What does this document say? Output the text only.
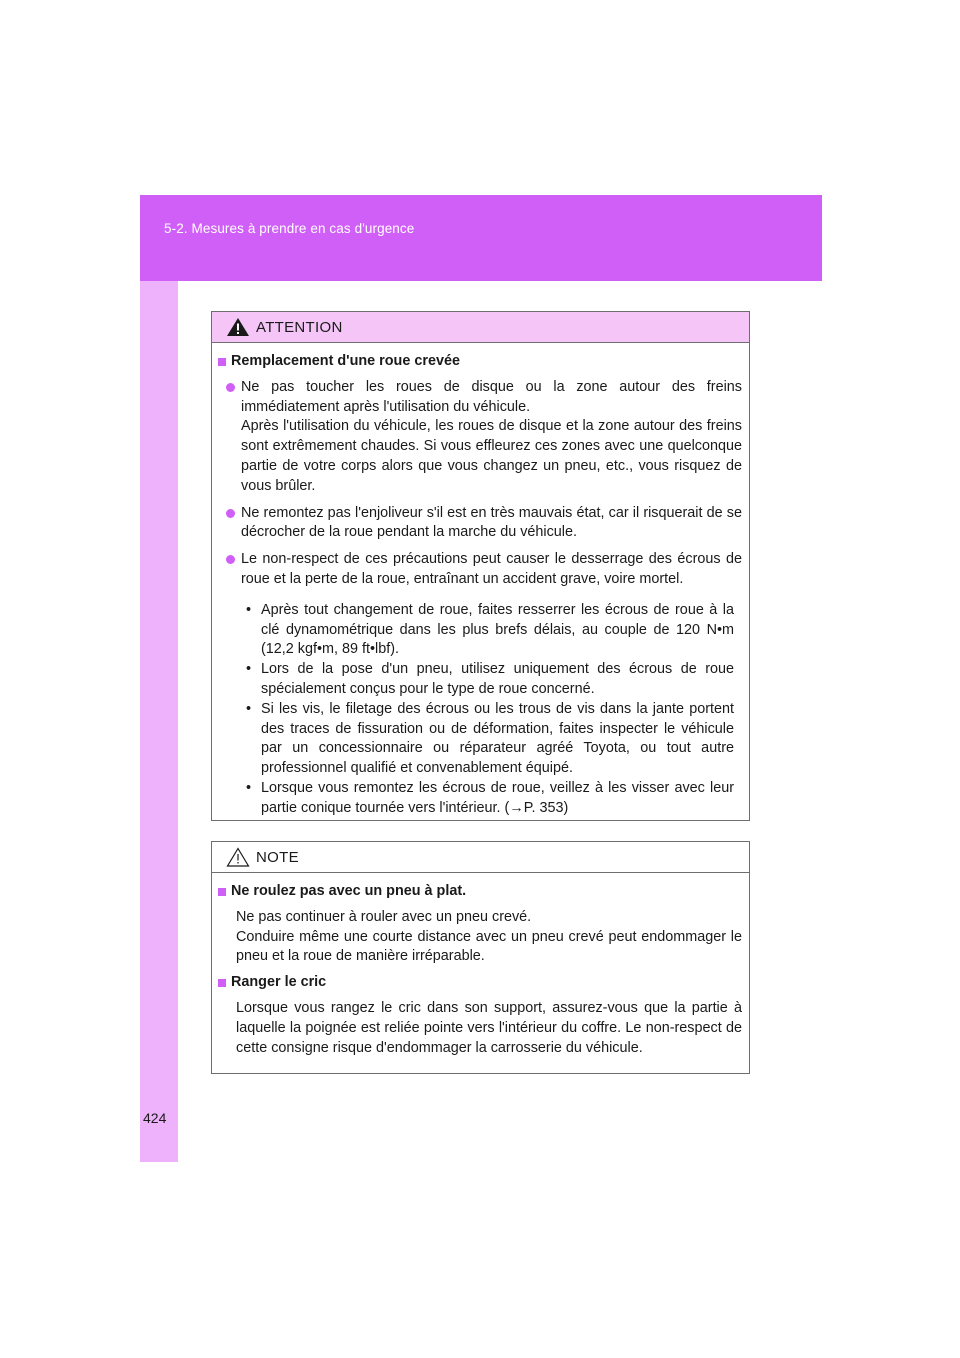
5-2. Mesures à prendre en cas d'urgence
ATTENTION
Remplacement d'une roue crevée

Ne pas toucher les roues de disque ou la zone autour des freins immédiatement après l'utilisation du véhicule.

Après l'utilisation du véhicule, les roues de disque et la zone autour des freins sont extrêmement chaudes. Si vous effleurez ces zones avec une quelconque partie de votre corps alors que vous changez un pneu, etc., vous risquez de vous brûler.

Ne remontez pas l'enjoliveur s'il est en très mauvais état, car il risquerait de se décrocher de la roue pendant la marche du véhicule.

Le non-respect de ces précautions peut causer le desserrage des écrous de roue et la perte de la roue, entraînant un accident grave, voire mortel.

• Après tout changement de roue, faites resserrer les écrous de roue à la clé dynamométrique dans les plus brefs délais, au couple de 120 N•m (12,2 kgf•m, 89 ft•lbf).
• Lors de la pose d'un pneu, utilisez uniquement des écrous de roue spécialement conçus pour le type de roue concerné.
• Si les vis, le filetage des écrous ou les trous de vis dans la jante portent des traces de fissuration ou de déformation, faites inspecter le véhicule par un concessionnaire ou réparateur agréé Toyota, ou tout autre professionnel qualifié et convenablement équipé.
• Lorsque vous remontez les écrous de roue, veillez à les visser avec leur partie conique tournée vers l'intérieur. (→P. 353)
NOTE
Ne roulez pas avec un pneu à plat.

Ne pas continuer à rouler avec un pneu crevé.

Conduire même une courte distance avec un pneu crevé peut endommager le pneu et la roue de manière irréparable.

Ranger le cric

Lorsque vous rangez le cric dans son support, assurez-vous que la partie à laquelle la poignée est reliée pointe vers l'intérieur du coffre. Le non-respect de cette consigne risque d'endommager la carrosserie du véhicule.

424
